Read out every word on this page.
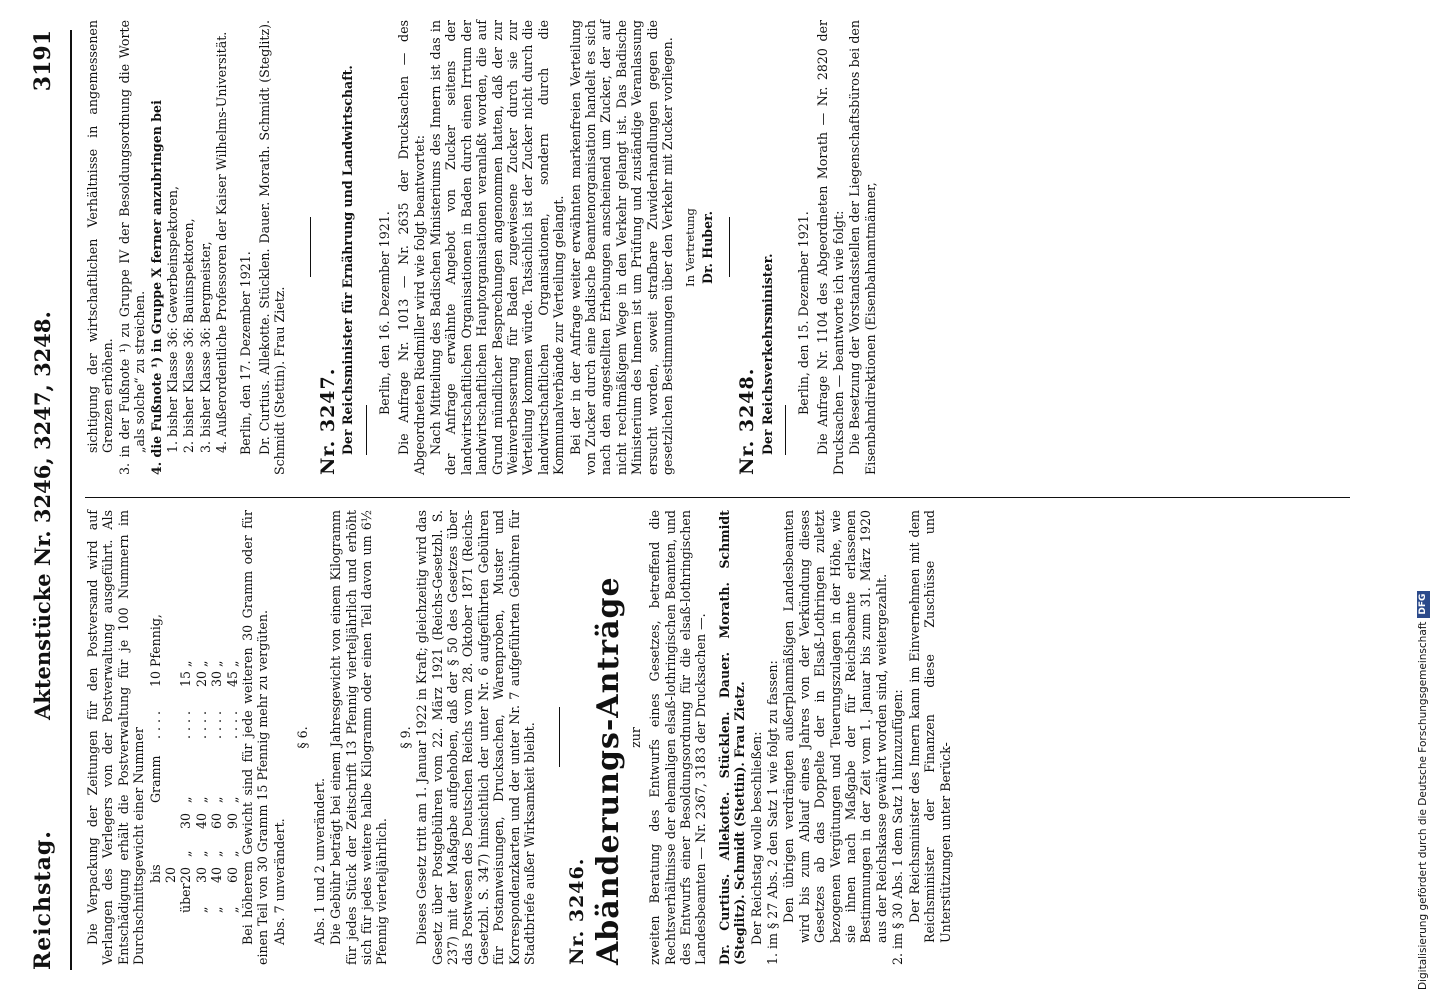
Reichstag.
Aktenstücke Nr. 3246, 3247, 3248.
3191

Die Verpackung der Zeitungen für den Postversand wird auf Verlangen des Verlegers von der Postverwaltung ausgeführt. Als Entschädigung erhält die Postverwaltung für je 100 Nummern im Durchschnittsgewicht einer Nummer bis 20
Gramm
. . . .
10 Pfennig,
über
20
„
30
„
. . . .
15 „
„
30
„
40
„
. . . .
20 „
„
40
„
60
„
. . . .
30 „
„
60
„
90
„
. . . .
45 „ Bei höherem Gewicht sind für jede weiteren 30 Gramm oder für einen Teil von 30 Gramm 15 Pfennig mehr zu vergüten. Abs. 7 unverändert.

§ 6.

Abs. 1 und 2 unverändert. Die Gebühr beträgt bei einem Jahresgewicht von einem Kilogramm für jedes Stück der Zeitschrift 13 Pfennig vierteljährlich und erhöht sich für jedes weitere halbe Kilogramm oder einen Teil davon um 6½ Pfennig vierteljährlich.

§ 9. Dieses Gesetz tritt am 1. Januar 1922 in Kraft; gleichzeitig wird das Gesetz über Postgebühren vom 22. März 1921 (Reichs-Gesetzbl. S. 237) mit der Maßgabe aufgehoben, daß der § 50 des Gesetzes über das Postwesen des Deutschen Reichs vom 28. Oktober 1871 (Reichs-Gesetzbl. S. 347) hinsichtlich der unter Nr. 6 aufgeführten Gebühren für Postanweisungen, Drucksachen, Warenproben, Muster und Korrespondenzkarten und der unter Nr. 7 aufgeführten Gebühren für Stadtbriefe außer Wirksamkeit bleibt. Nr. 3246. Abänderungs-Anträge zur zweiten Beratung des Entwurfs eines Gesetzes, betreffend die Rechtsverhältnisse der ehemaligen elsaß-lothringischen Beamten, und des Entwurfs einer Besoldungsordnung für die elsaß-lothringischen Landesbeamten — Nr. 2367, 3183 der Drucksachen —. Dr. Curtius. Allekotte. Stücklen. Dauer. Morath. Schmidt (Steglitz). Schmidt (Stettin). Frau Zietz. Der Reichstag wolle beschließen: 1. im § 27 Abs. 2 den Satz 1 wie folgt zu fassen: Den übrigen verdrängten außerplanmäßigen Landesbeamten wird bis zum Ablauf eines Jahres von der Verkündung dieses Gesetzes ab das Doppelte der in Elsaß-Lothringen zuletzt bezogenen Vergütungen und Teuerungszulagen in der Höhe, wie sie ihnen nach Maßgabe der für Reichsbeamte erlassenen Bestimmungen in der Zeit vom 1. Januar bis zum 31. März 1920 aus der Reichskasse gewährt worden sind, weitergezahlt. 2. im § 30 Abs. 1 dem Satz 1 hinzuzufügen: Der Reichsminister des Innern kann im Einvernehmen mit dem Reichsminister der Finanzen diese Zuschüsse und Unterstützungen unter Berück-

sichtigung der wirtschaftlichen Verhältnisse in angemessenen Grenzen erhöhen. 3. in der Fußnote ¹) zu Gruppe IV der Besoldungsordnung die Worte „als solche“ zu streichen. 4. die Fußnote ¹) in Gruppe X ferner anzubringen bei 1. bisher Klasse 36: Gewerbeinspektoren, 2. bisher Klasse 36: Bauinspektoren, 3. bisher Klasse 36: Bergmeister, 4. Außerordentliche Professoren der Kaiser Wilhelms-Universität. Berlin, den 17. Dezember 1921. Dr. Curtius. Allekotte. Stücklen. Dauer. Morath. Schmidt (Steglitz). Schmidt (Stettin). Frau Zietz. Nr. 3247. Der Reichsminister für Ernährung und Landwirtschaft. Berlin, den 16. Dezember 1921. Die Anfrage Nr. 1013 — Nr. 2635 der Drucksachen — des Abgeordneten Riedmiller wird wie folgt beantwortet: Nach Mitteilung des Badischen Ministeriums des Innern ist das in der Anfrage erwähnte Angebot von Zucker seitens der landwirtschaftlichen Organisationen in Baden durch einen Irrtum der landwirtschaftlichen Hauptorganisationen veranlaßt worden, die auf Grund mündlicher Besprechungen angenommen hatten, daß der zur Weinverbesserung für Baden zugewiesene Zucker durch sie zur Verteilung kommen würde. Tatsächlich ist der Zucker nicht durch die landwirtschaftlichen Organisationen, sondern durch die Kommunalverbände zur Verteilung gelangt. Bei der in der Anfrage weiter erwähnten markenfreien Verteilung von Zucker durch eine badische Beamtenorganisation handelt es sich nach den angestellten Erhebungen anscheinend um Zucker, der auf nicht rechtmäßigem Wege in den Verkehr gelangt ist. Das Badische Ministerium des Innern ist um Prüfung und zuständige Veranlassung ersucht worden, soweit strafbare Zuwiderhandlungen gegen die gesetzlichen Bestimmungen über den Verkehr mit Zucker vorliegen. In Vertretung Dr. Huber.

Nr. 3248. Der Reichsverkehrsminister. Berlin, den 15. Dezember 1921. Die Anfrage Nr. 1104 des Abgeordneten Morath — Nr. 2820 der Drucksachen — beantworte ich wie folgt: Die Besetzung der Vorstandsstellen der Liegenschaftsbüros bei den Eisenbahndirektionen (Eisenbahnamtmänner,

Digitalisierung gefördert durch die Deutsche ForschungsgemeinschaftDFG
